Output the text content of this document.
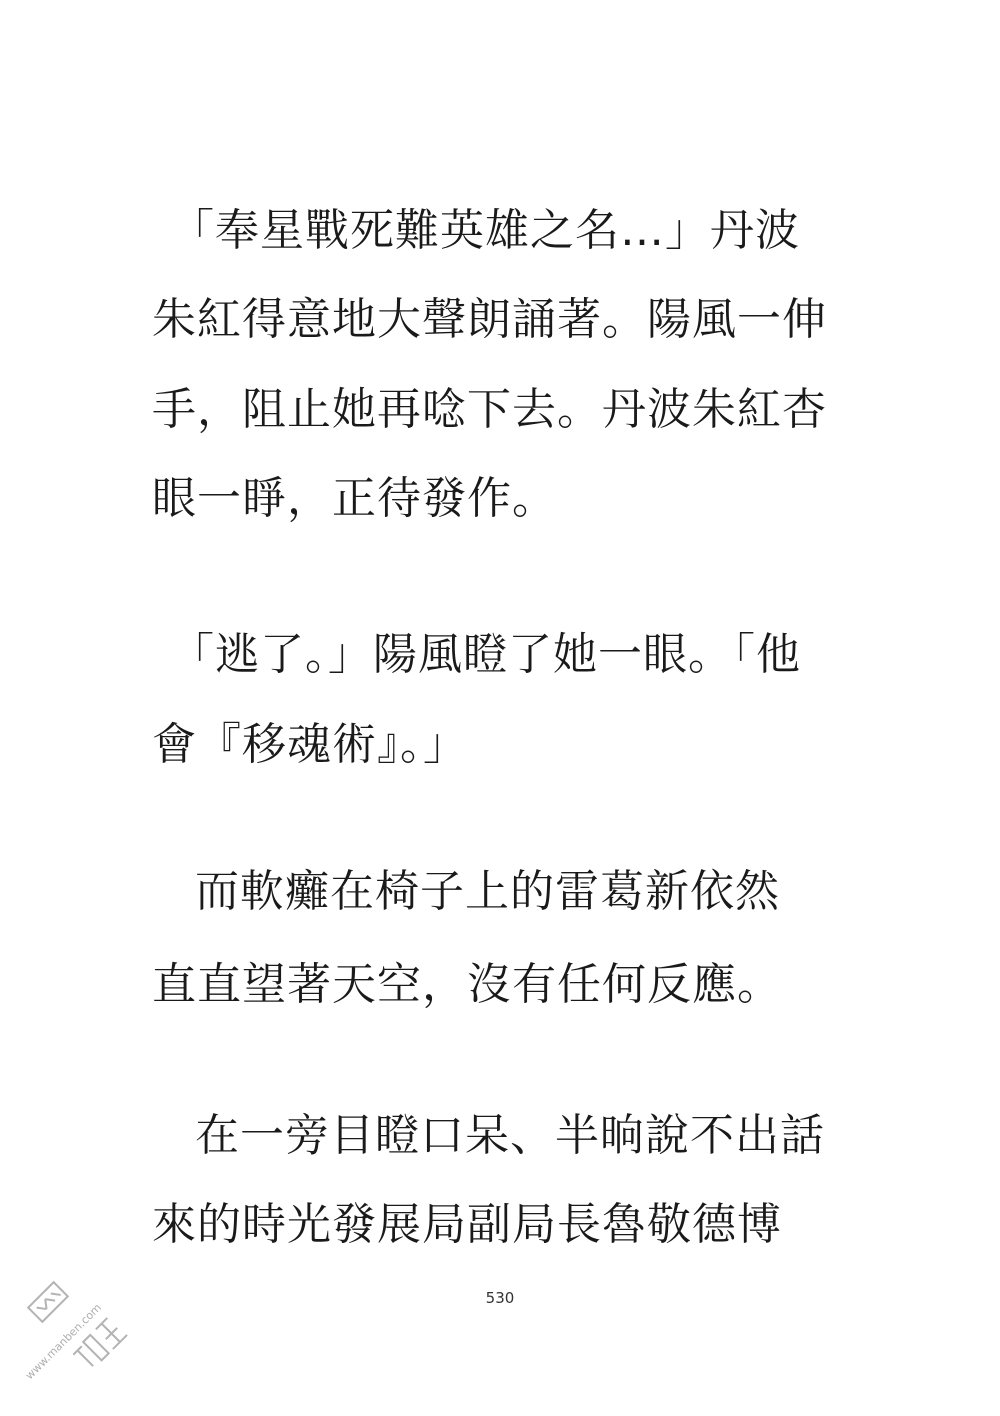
「奉星戰死難英雄之名…」丹波
朱紅得意地大聲朗誦著。陽風一伸
手，阻止她再唸下去。丹波朱紅杏
眼一睜，正待發作。
「逃了。」陽風瞪了她一眼。「他
會『移魂術』。」
而軟癱在椅子上的雷葛新依然
直直望著天空，沒有任何反應。
在一旁目瞪口呆、半晌說不出話
來的時光發展局副局長魯敬德博
530
www.manben.com
